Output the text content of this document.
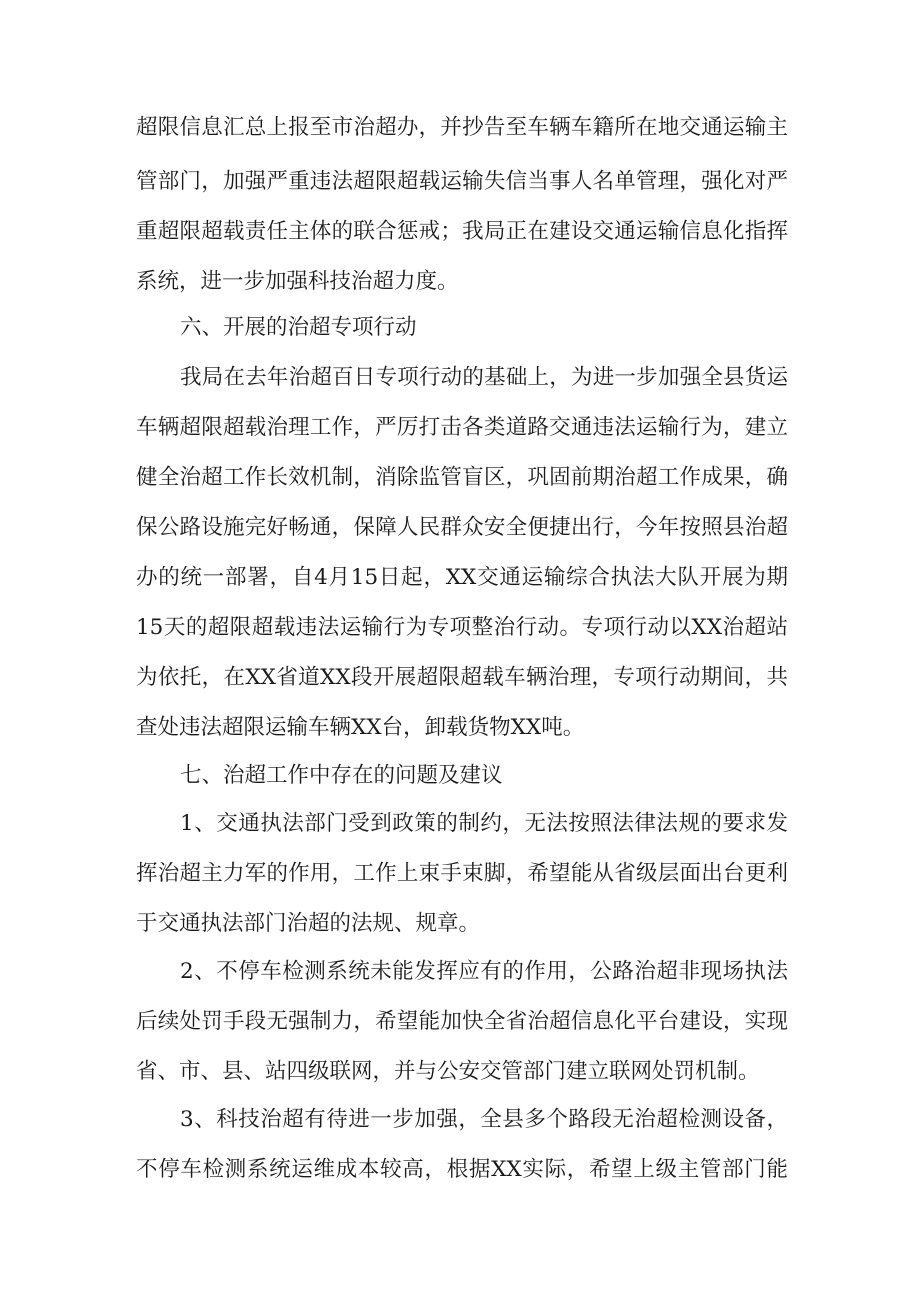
超限信息汇总上报至市治超办，并抄告至车辆车籍所在地交通运输主
管部门，加强严重违法超限超载运输失信当事人名单管理，强化对严
重超限超载责任主体的联合惩戒；我局正在建设交通运输信息化指挥
系统，进一步加强科技治超力度。
六、开展的治超专项行动
我局在去年治超百日专项行动的基础上，为进一步加强全县货运
车辆超限超载治理工作，严厉打击各类道路交通违法运输行为，建立
健全治超工作长效机制，消除监管盲区，巩固前期治超工作成果，确
保公路设施完好畅通，保障人民群众安全便捷出行，今年按照县治超
办的统一部署，自4月15日起，XX交通运输综合执法大队开展为期
15天的超限超载违法运输行为专项整治行动。专项行动以XX治超站
为依托，在XX省道XX段开展超限超载车辆治理，专项行动期间，共
查处违法超限运输车辆XX台，卸载货物XX吨。
七、治超工作中存在的问题及建议
1、交通执法部门受到政策的制约，无法按照法律法规的要求发
挥治超主力军的作用，工作上束手束脚，希望能从省级层面出台更利
于交通执法部门治超的法规、规章。
2、不停车检测系统未能发挥应有的作用，公路治超非现场执法
后续处罚手段无强制力，希望能加快全省治超信息化平台建设，实现
省、市、县、站四级联网，并与公安交管部门建立联网处罚机制。
3、科技治超有待进一步加强，全县多个路段无治超检测设备，
不停车检测系统运维成本较高，根据XX实际，希望上级主管部门能
